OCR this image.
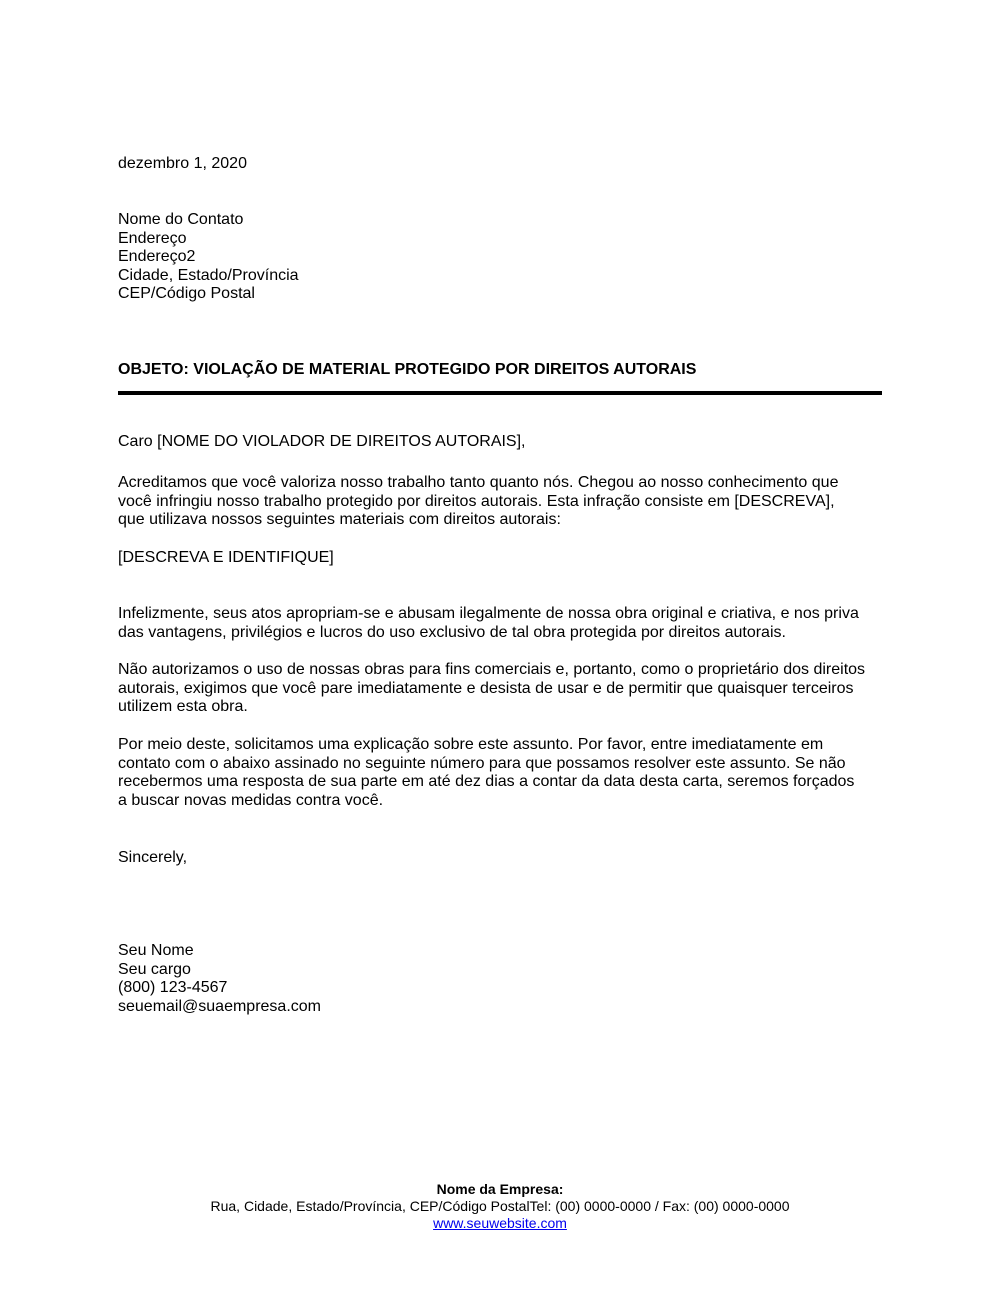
dezembro 1, 2020
Nome do Contato
Endereço
Endereço2
Cidade, Estado/Província
CEP/Código Postal
OBJETO: VIOLAÇÃO DE MATERIAL PROTEGIDO POR DIREITOS AUTORAIS
Caro [NOME DO VIOLADOR DE DIREITOS AUTORAIS],
Acreditamos que você valoriza nosso trabalho tanto quanto nós. Chegou ao nosso conhecimento que
você infringiu nosso trabalho protegido por direitos autorais. Esta infração consiste em [DESCREVA],
que utilizava nossos seguintes materiais com direitos autorais:
[DESCREVA E IDENTIFIQUE]
Infelizmente, seus atos apropriam-se e abusam ilegalmente de nossa obra original e criativa, e nos priva
das vantagens, privilégios e lucros do uso exclusivo de tal obra protegida por direitos autorais.
Não autorizamos o uso de nossas obras para fins comerciais e, portanto, como o proprietário dos direitos
autorais, exigimos que você pare imediatamente e desista de usar e de permitir que quaisquer terceiros
utilizem esta obra.
Por meio deste, solicitamos uma explicação sobre este assunto. Por favor, entre imediatamente em
contato com o abaixo assinado no seguinte número para que possamos resolver este assunto. Se não
recebermos uma resposta de sua parte em até dez dias a contar da data desta carta, seremos forçados
a buscar novas medidas contra você.
Sincerely,
Seu Nome
Seu cargo
(800) 123-4567
seuemail@suaempresa.com
Nome da Empresa:
Rua, Cidade, Estado/Província, CEP/Código PostalTel: (00) 0000-0000 / Fax: (00) 0000-0000
www.seuwebsite.com
